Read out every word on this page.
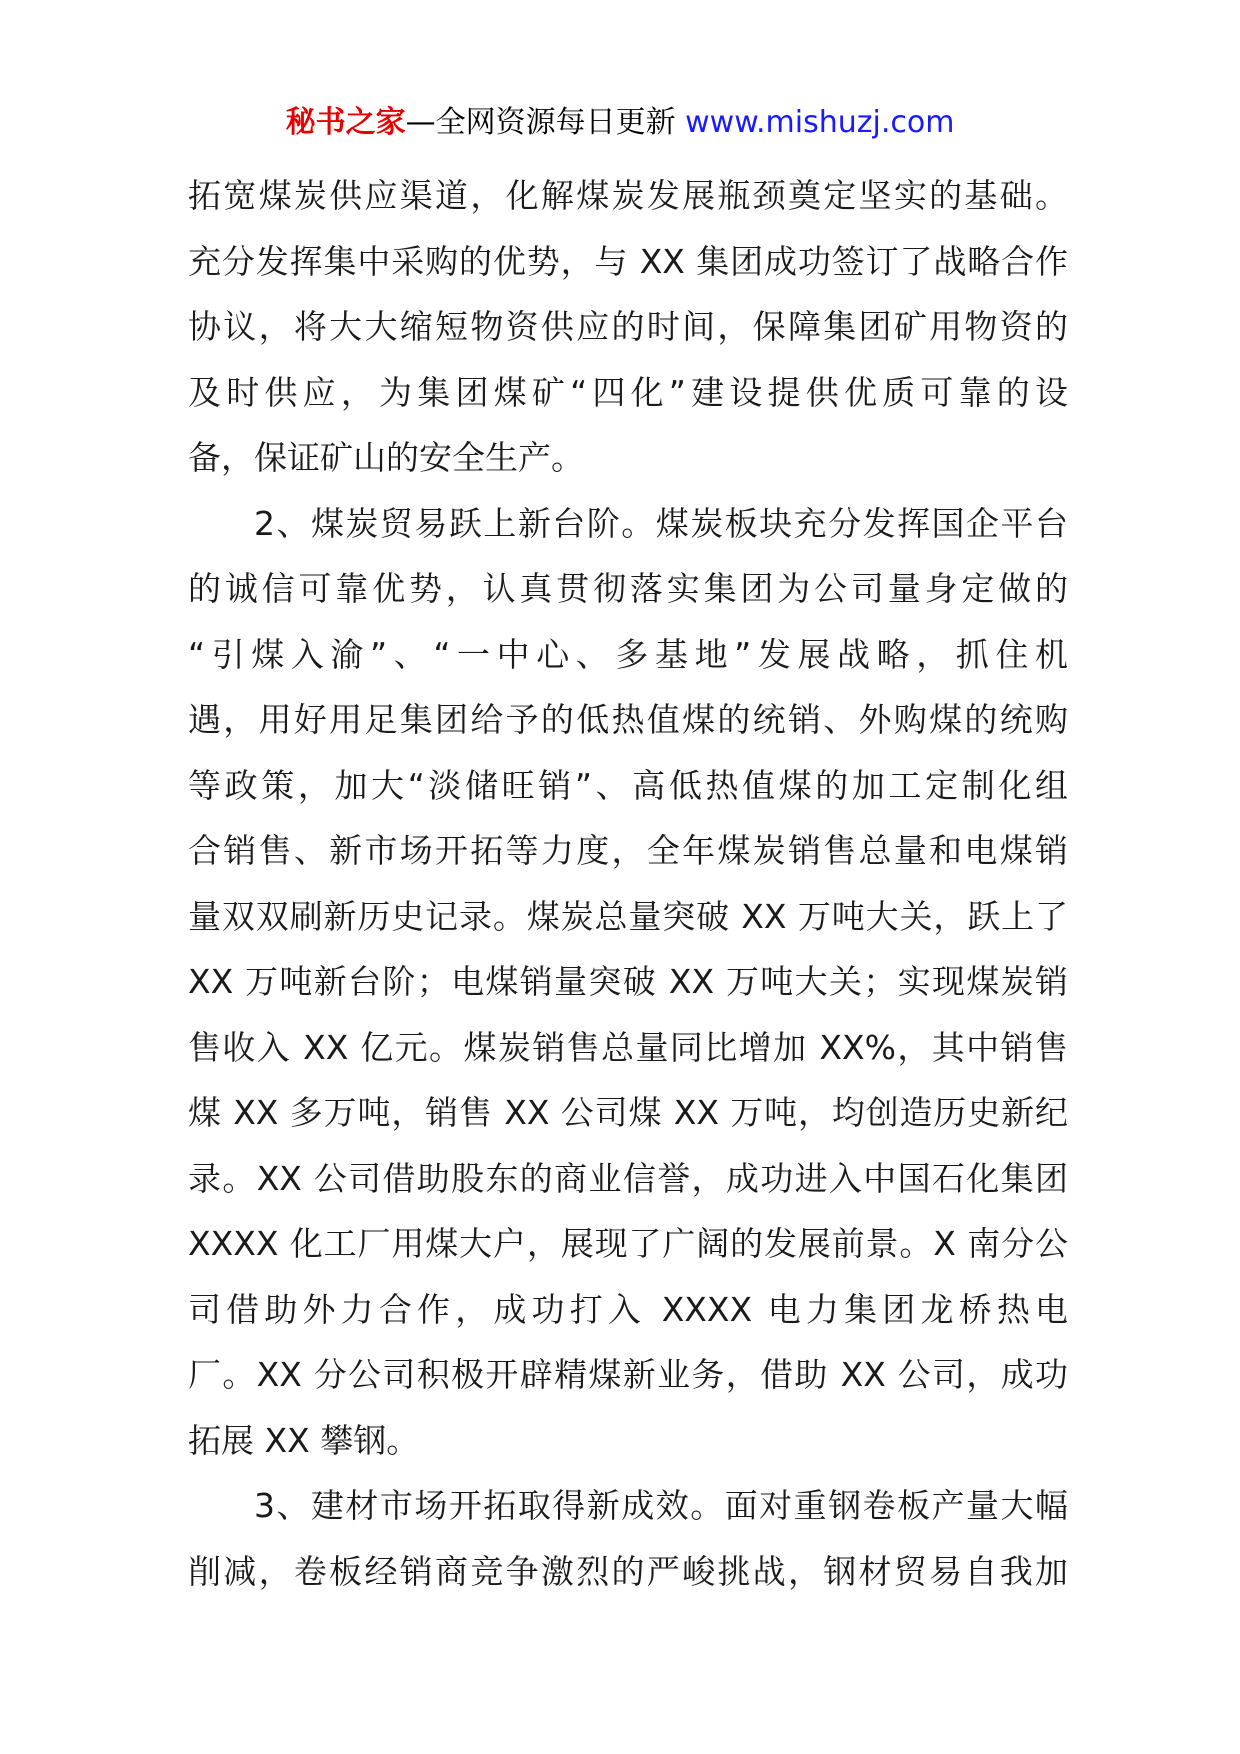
秘书之家—全网资源每日更新 www.mishuzj.com
拓宽煤炭供应渠道，化解煤炭发展瓶颈奠定坚实的基础。
充分发挥集中采购的优势，与 XX 集团成功签订了战略合作
协议，将大大缩短物资供应的时间，保障集团矿用物资的
及时供应，为集团煤矿“四化”建设提供优质可靠的设
备，保证矿山的安全生产。
2、煤炭贸易跃上新台阶。煤炭板块充分发挥国企平台
的诚信可靠优势，认真贯彻落实集团为公司量身定做的
“引煤入渝”、“一中心、多基地”发展战略，抓住机
遇，用好用足集团给予的低热值煤的统销、外购煤的统购
等政策，加大“淡储旺销”、高低热值煤的加工定制化组
合销售、新市场开拓等力度，全年煤炭销售总量和电煤销
量双双刷新历史记录。煤炭总量突破 XX 万吨大关，跃上了
XX 万吨新台阶；电煤销量突破 XX 万吨大关；实现煤炭销
售收入 XX 亿元。煤炭销售总量同比增加 XX%，其中销售
煤 XX 多万吨，销售 XX 公司煤 XX 万吨，均创造历史新纪
录。XX 公司借助股东的商业信誉，成功进入中国石化集团
XXXX 化工厂用煤大户，展现了广阔的发展前景。X 南分公
司借助外力合作，成功打入 XXXX 电力集团龙桥热电
厂。XX 分公司积极开辟精煤新业务，借助 XX 公司，成功
拓展 XX 攀钢。
3、建材市场开拓取得新成效。面对重钢卷板产量大幅
削减，卷板经销商竞争激烈的严峻挑战，钢材贸易自我加
